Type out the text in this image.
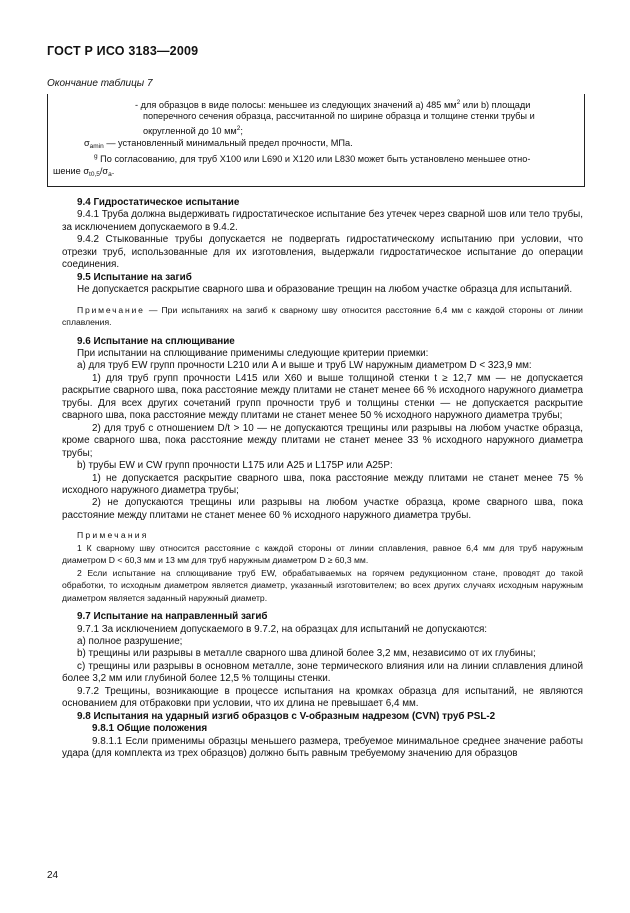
ГОСТ Р ИСО 3183—2009
Окончание таблицы 7
- для образцов в виде полосы: меньшее из следующих значений a) 485 $мм^2$ или b) площади
поперечного сечения образца, рассчитанной по ширине образца и толщине стенки трубы и
округленной до 10 $мм^2$;
$\sigma_{amin}$ — установленный минимальный предел прочности, МПа.
$^g$ По согласованию, для труб X100 или L690 и X120 или L830 может быть установлено меньшее отно-
шение $\sigma_{t0,5}/\sigma_a$.

9.4 Гидростатическое испытание

9.4.1 Труба должна выдерживать гидростатическое испытание без утечек через сварной шов или тело трубы, за исключением допускаемого в 9.4.2.

9.4.2 Стыкованные трубы допускается не подвергать гидростатическому испытанию при условии, что отрезки труб, использованные для их изготовления, выдержали гидростатическое испытание до операции соединения.

9.5 Испытание на загиб

Не допускается раскрытие сварного шва и образование трещин на любом участке образца для испытаний.

Примечание — При испытаниях на загиб к сварному шву относится расстояние 6,4 мм с каждой стороны от линии сплавления.

9.6 Испытание на сплющивание

При испытании на сплющивание применимы следующие критерии приемки:

a) для труб EW групп прочности L210 или A и выше и труб LW наружным диаметром D < 323,9 мм:

1) для труб групп прочности L415 или X60 и выше толщиной стенки t ≥ 12,7 мм — не допускается раскрытие сварного шва, пока расстояние между плитами не станет менее 66 % исходного наружного диаметра трубы. Для всех других сочетаний групп прочности труб и толщины стенки — не допускается раскрытие сварного шва, пока расстояние между плитами не станет менее 50 % исходного наружного диаметра трубы;

2) для труб с отношением D/t > 10 — не допускаются трещины или разрывы на любом участке образца, кроме сварного шва, пока расстояние между плитами не станет менее 33 % исходного наружного диаметра трубы;

b) трубы EW и CW групп прочности L175 или A25 и L175P или A25P:

1) не допускается раскрытие сварного шва, пока расстояние между плитами не станет менее 75 % исходного наружного диаметра трубы;

2) не допускаются трещины или разрывы на любом участке образца, кроме сварного шва, пока расстояние между плитами не станет менее 60 % исходного наружного диаметра трубы.

Примечания

1 К сварному шву относится расстояние с каждой стороны от линии сплавления, равное 6,4 мм для труб наружным диаметром D < 60,3 мм и 13 мм для труб наружным диаметром D ≥ 60,3 мм.

2 Если испытание на сплющивание труб EW, обрабатываемых на горячем редукционном стане, проводят до такой обработки, то исходным диаметром является диаметр, указанный изготовителем; во всех других случаях исходным наружным диаметром является заданный наружный диаметр.

9.7 Испытание на направленный загиб

9.7.1 За исключением допускаемого в 9.7.2, на образцах для испытаний не допускаются:

a) полное разрушение;

b) трещины или разрывы в металле сварного шва длиной более 3,2 мм, независимо от их глубины;

c) трещины или разрывы в основном металле, зоне термического влияния или на линии сплавления длиной более 3,2 мм или глубиной более 12,5 % толщины стенки.

9.7.2 Трещины, возникающие в процессе испытания на кромках образца для испытаний, не являются основанием для отбраковки при условии, что их длина не превышает 6,4 мм.

9.8 Испытания на ударный изгиб образцов с V-образным надрезом (CVN) труб PSL-2

9.8.1 Общие положения

9.8.1.1 Если применимы образцы меньшего размера, требуемое минимальное среднее значение работы удара (для комплекта из трех образцов) должно быть равным требуемому значению для образцов

24
